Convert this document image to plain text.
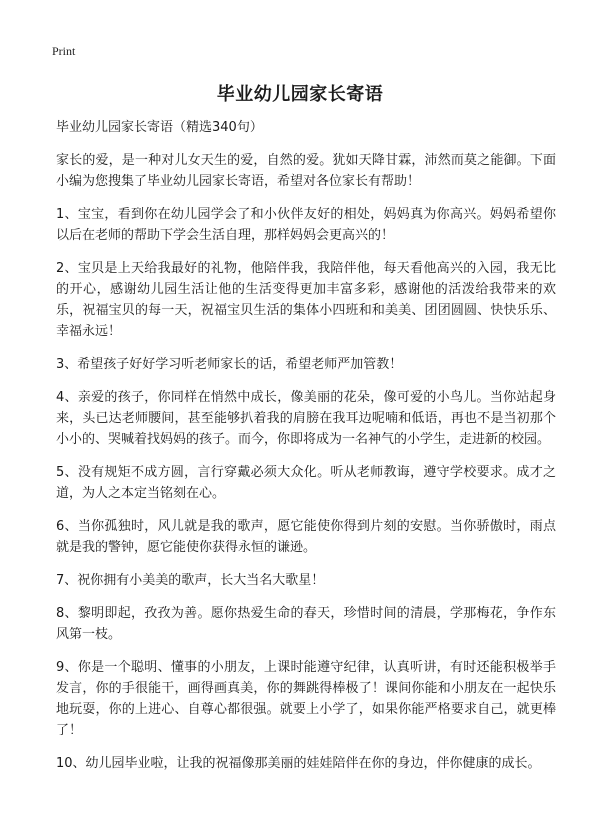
Print
毕业幼儿园家长寄语

毕业幼儿园家长寄语（精选340句）

家长的爱，是一种对儿女天生的爱，自然的爱。犹如天降甘霖，沛然而莫之能御。下面小编为您搜集了毕业幼儿园家长寄语，希望对各位家长有帮助！

1、宝宝，看到你在幼儿园学会了和小伙伴友好的相处，妈妈真为你高兴。妈妈希望你以后在老师的帮助下学会生活自理，那样妈妈会更高兴的！

2、宝贝是上天给我最好的礼物，他陪伴我，我陪伴他，每天看他高兴的入园，我无比的开心，感谢幼儿园生活让他的生活变得更加丰富多彩，感谢他的活泼给我带来的欢乐，祝福宝贝的每一天，祝福宝贝生活的集体小四班和和美美、团团圆圆、快快乐乐、幸福永远！

3、希望孩子好好学习听老师家长的话，希望老师严加管教！

4、亲爱的孩子，你同样在悄然中成长，像美丽的花朵，像可爱的小鸟儿。当你站起身来，头已达老师腰间，甚至能够扒着我的肩膀在我耳边呢喃和低语，再也不是当初那个小小的、哭喊着找妈妈的孩子。而今，你即将成为一名神气的小学生，走进新的校园。

5、没有规矩不成方圆，言行穿戴必须大众化。听从老师教诲，遵守学校要求。成才之道，为人之本定当铭刻在心。

6、当你孤独时，风儿就是我的歌声，愿它能使你得到片刻的安慰。当你骄傲时，雨点就是我的警钟，愿它能使你获得永恒的谦逊。

7、祝你拥有小美美的歌声，长大当名大歌星！

8、黎明即起，孜孜为善。愿你热爱生命的春天，珍惜时间的清晨，学那梅花，争作东风第一枝。

9、你是一个聪明、懂事的小朋友，上课时能遵守纪律，认真听讲，有时还能积极举手发言，你的手很能干，画得画真美，你的舞跳得棒极了！课间你能和小朋友在一起快乐地玩耍，你的上进心、自尊心都很强。就要上小学了，如果你能严格要求自己，就更棒了！

10、幼儿园毕业啦，让我的祝福像那美丽的娃娃陪伴在你的身边，伴你健康的成长。
